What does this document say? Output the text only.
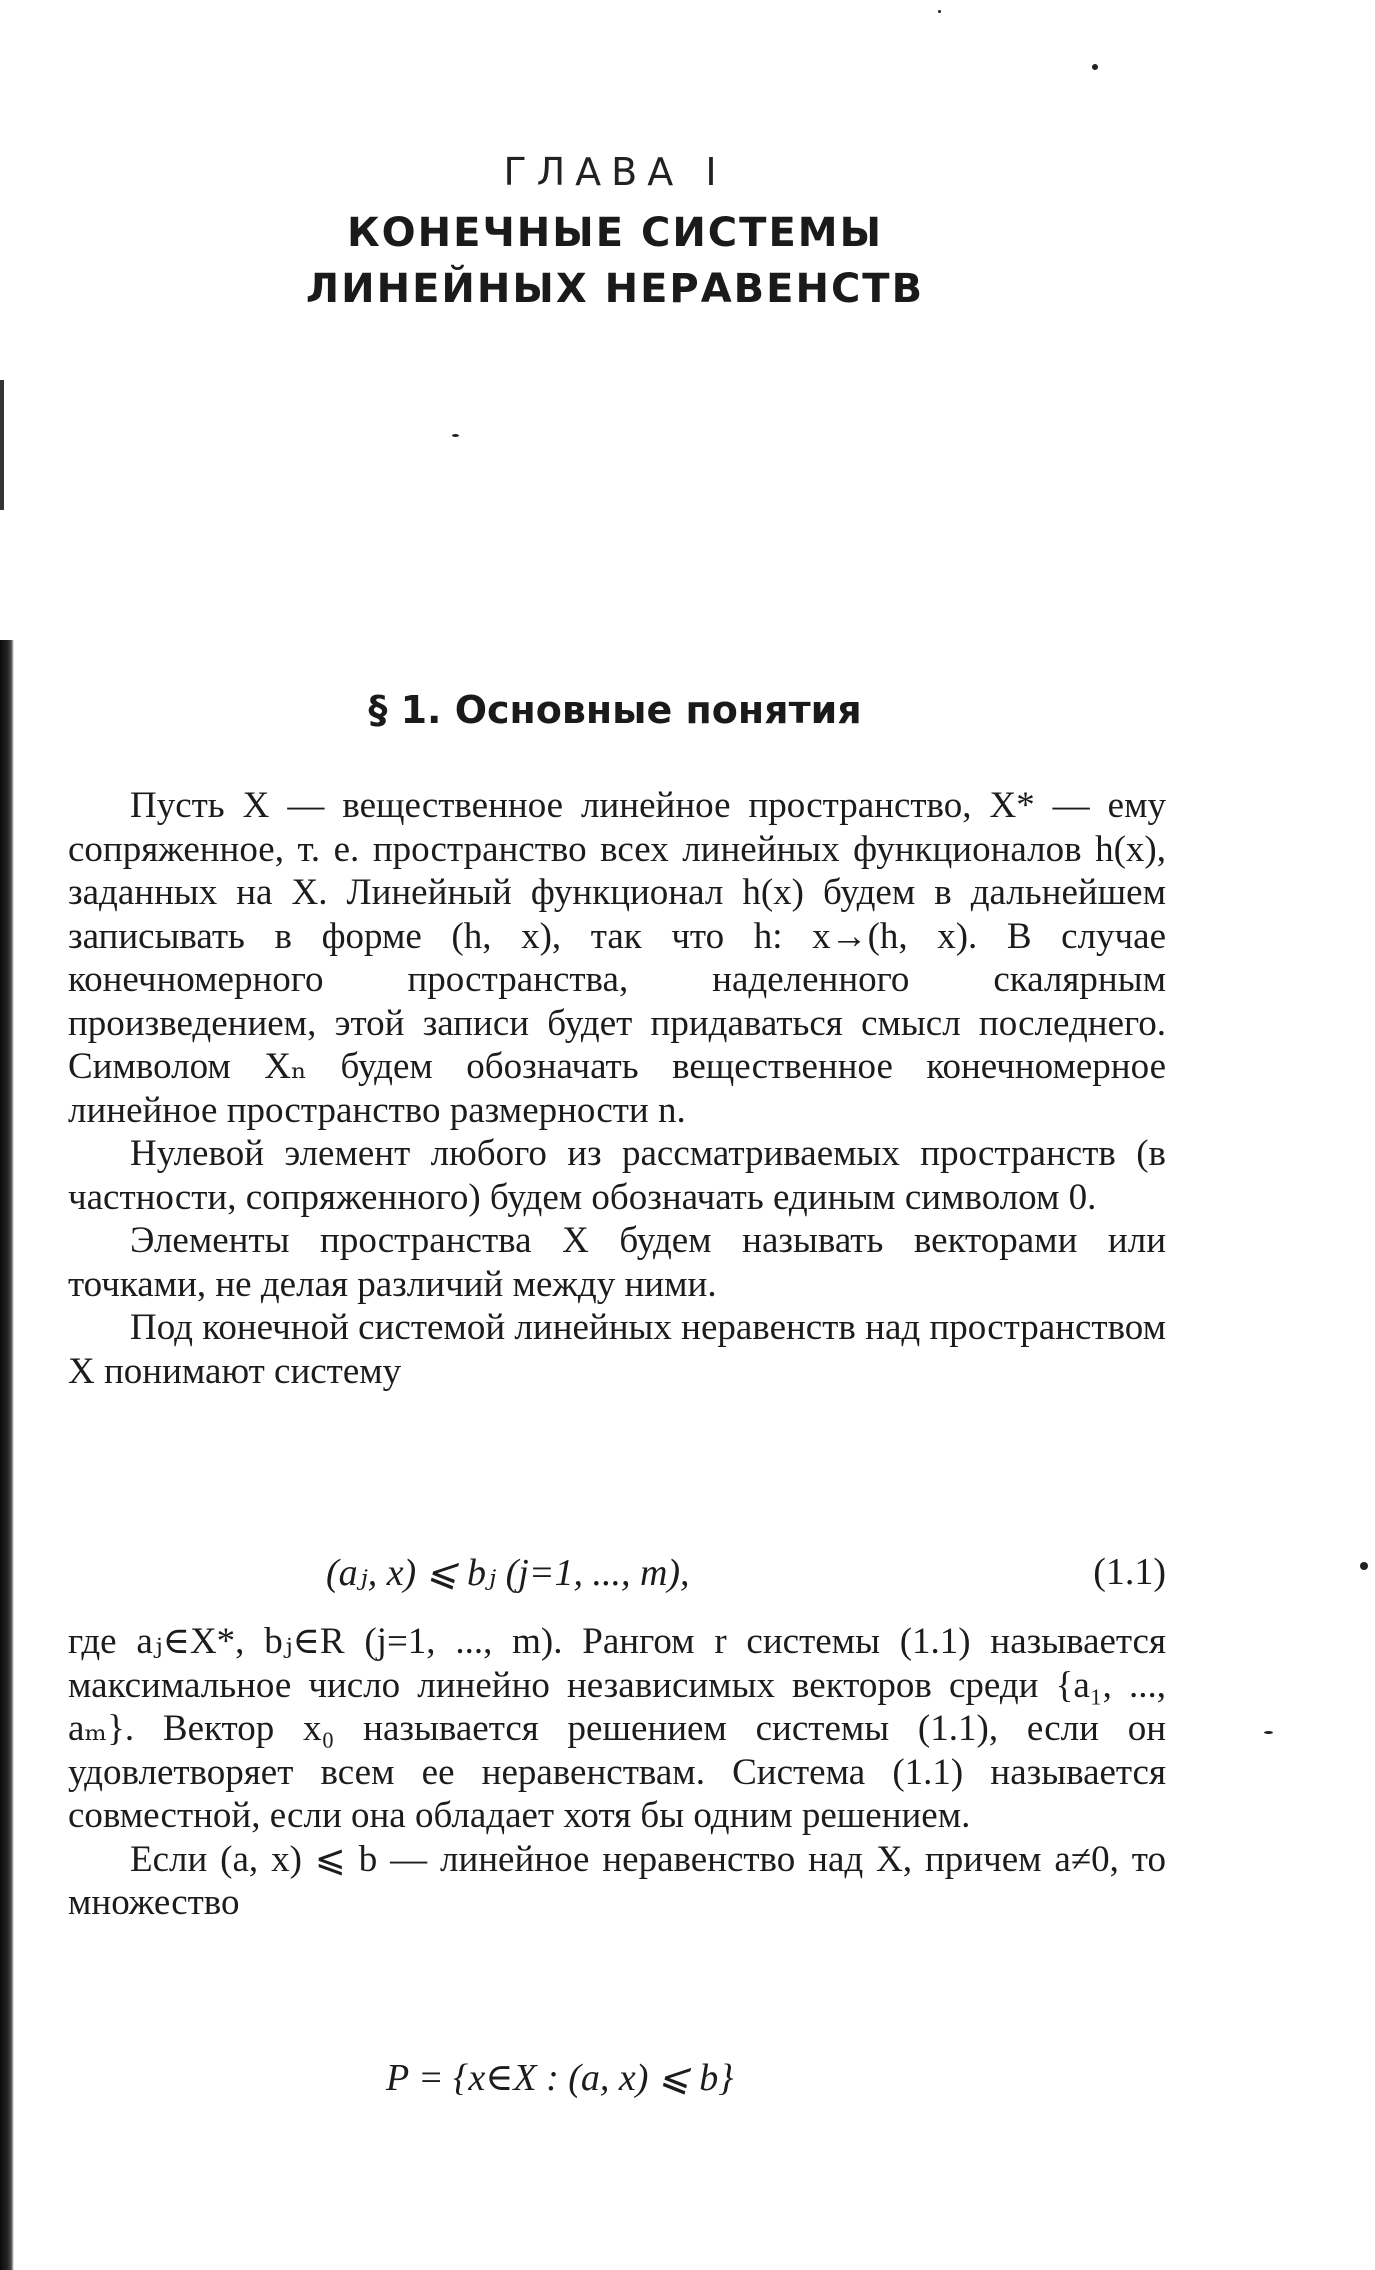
ГЛАВА I
КОНЕЧНЫЕ СИСТЕМЫ
ЛИНЕЙНЫХ НЕРАВЕНСТВ
§ 1. Основные понятия

Пусть X — вещественное линейное пространство, X* — ему сопряженное, т. е. пространство всех линейных функционалов h(x), заданных на X. Линейный функционал h(x) будем в дальнейшем записывать в форме (h, x), так что h: x→(h, x). В случае конечномерного пространства, наделенного скалярным произведением, этой записи будет придаваться смысл последнего. Символом Xₙ будем обозначать вещественное конечномерное линейное пространство размерности n.

Нулевой элемент любого из рассматриваемых пространств (в частности, сопряженного) будем обозначать единым символом 0.

Элементы пространства X будем называть векторами или точками, не делая различий между ними.

Под конечной системой линейных неравенств над пространством X понимают систему

(aⱼ, x) ⩽ bⱼ (j=1, ..., m),	(1.1)

где aⱼ∈X*, bⱼ∈R (j=1, ..., m). Рангом r системы (1.1) называется максимальное число линейно независимых векторов среди {a₁, ..., aₘ}. Вектор x₀ называется решением системы (1.1), если он удовлетворяет всем ее неравенствам. Система (1.1) называется совместной, если она обладает хотя бы одним решением.

Если (a, x) ⩽ b — линейное неравенство над X, причем a≠0, то множество

P = {x∈X : (a, x) ⩽ b}
